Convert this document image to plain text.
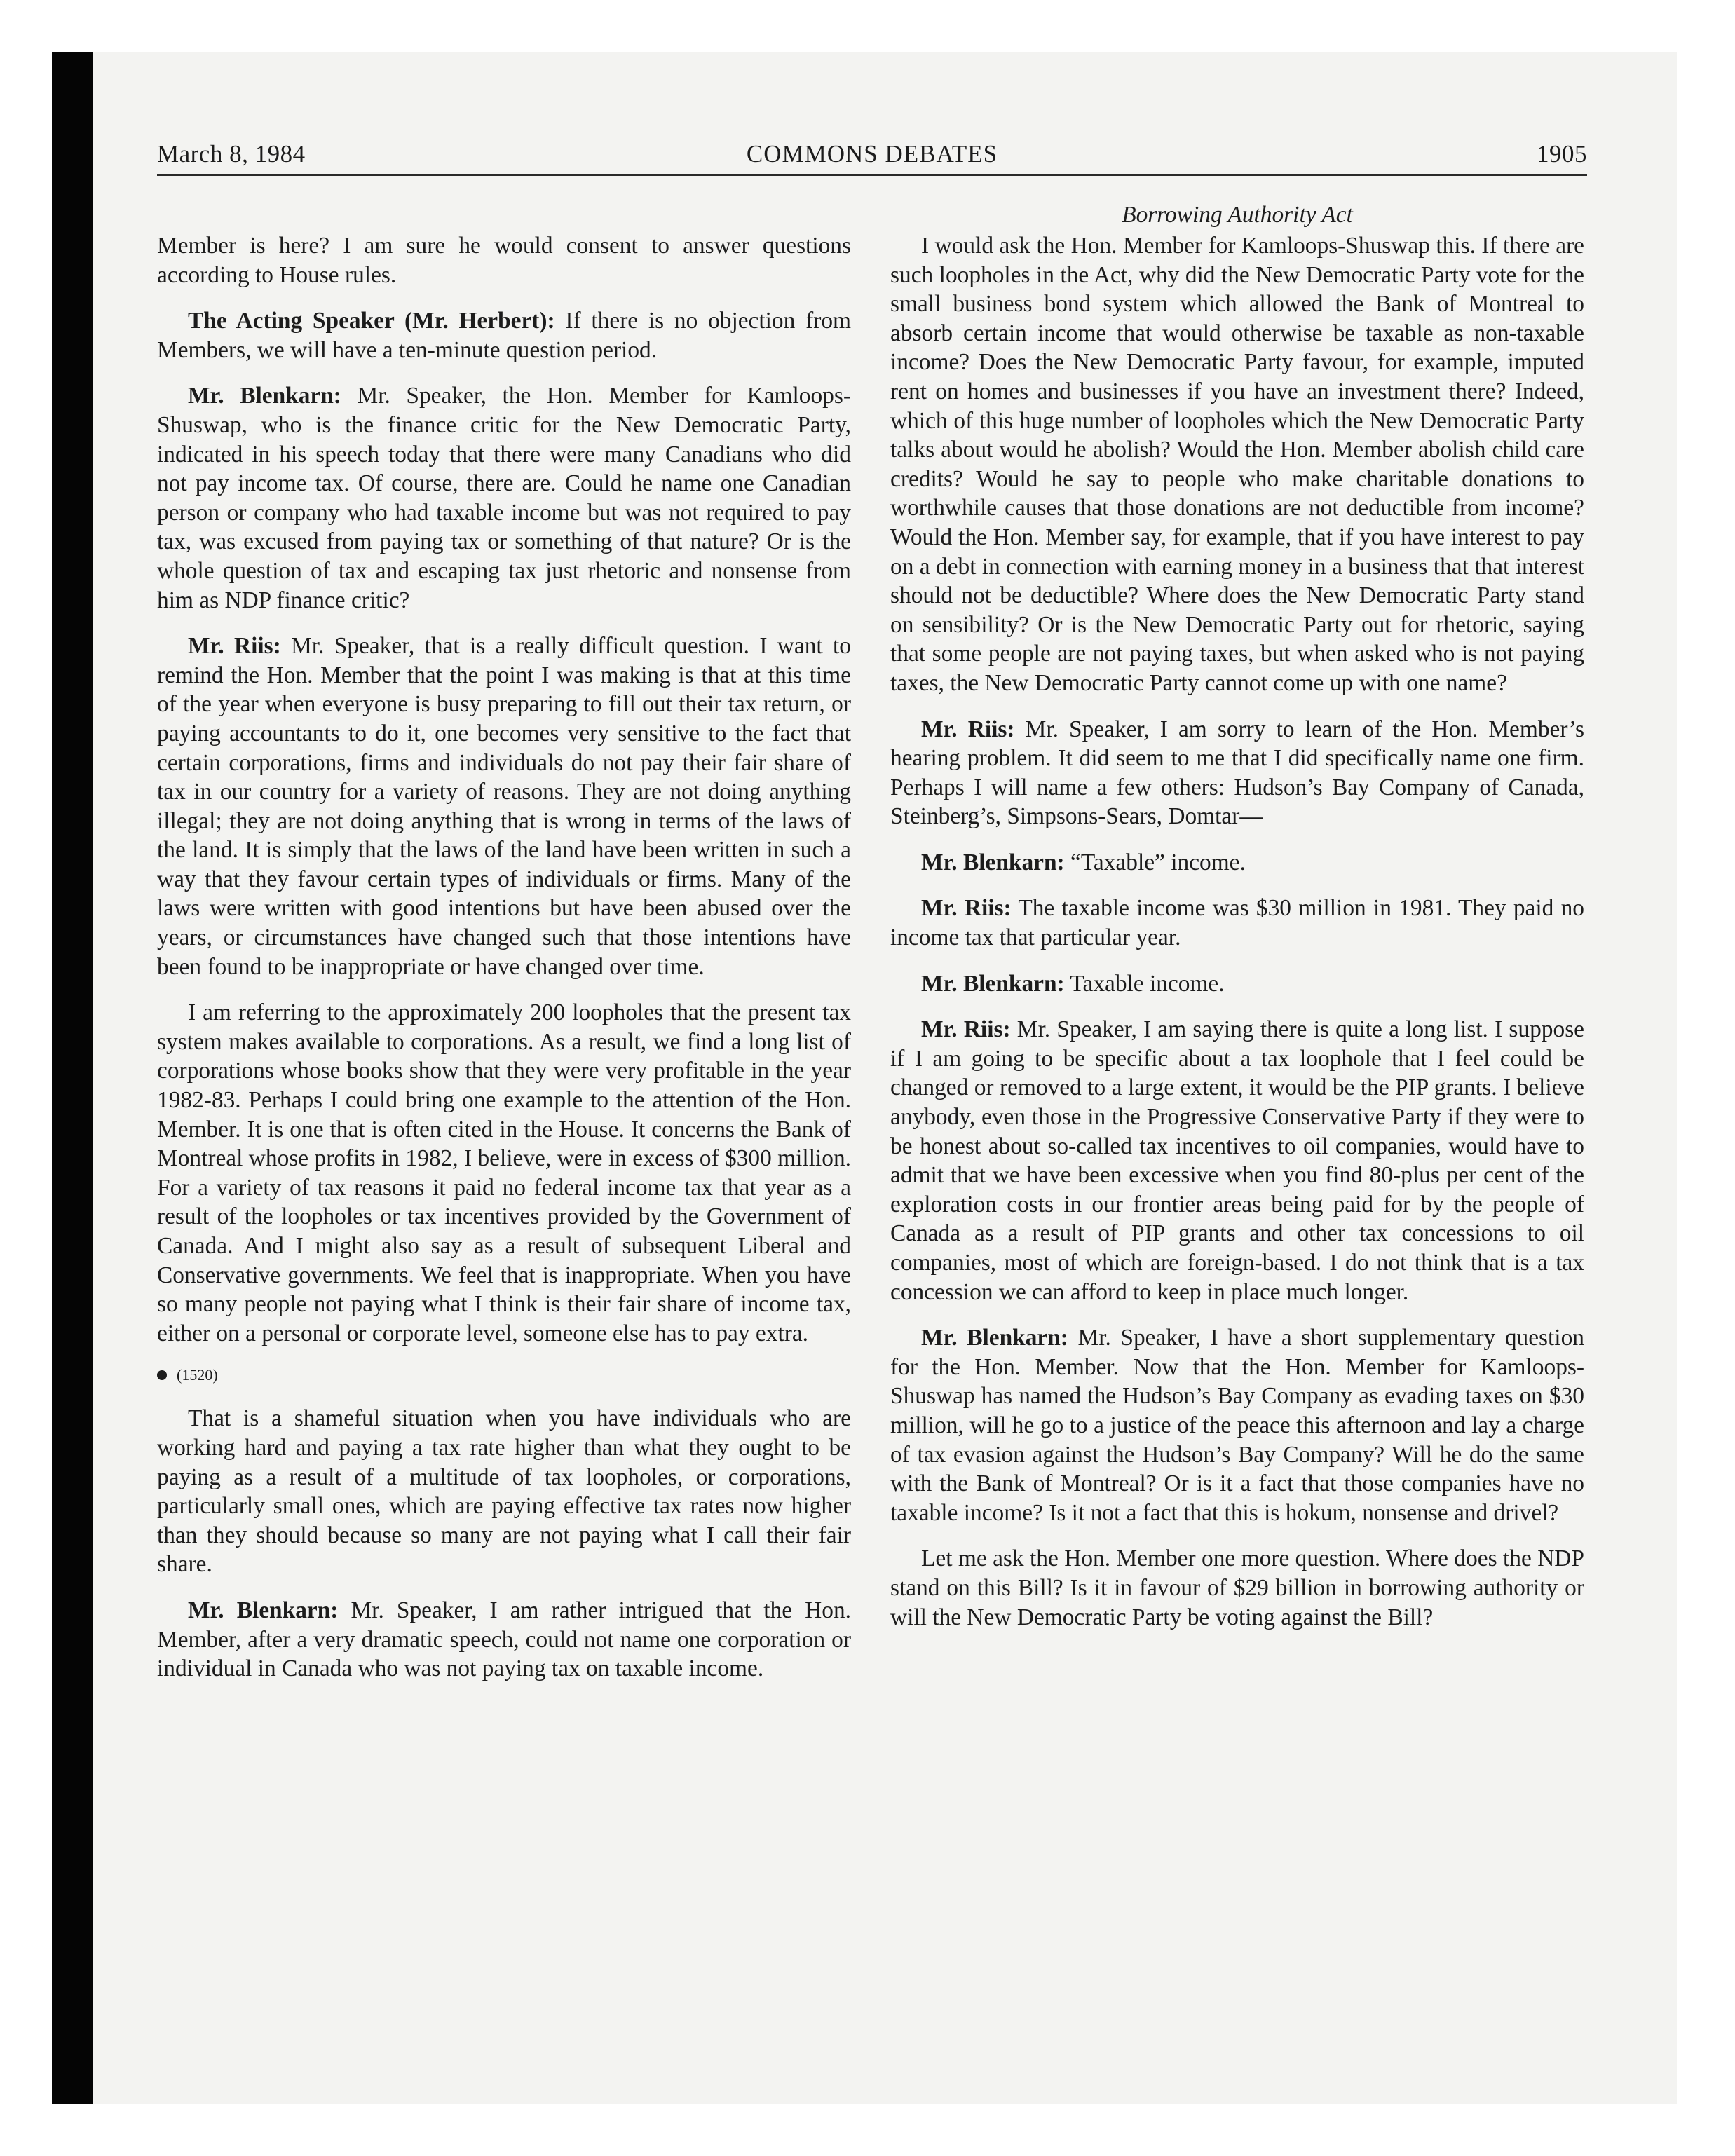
March 8, 1984	COMMONS DEBATES	1905

Member is here? I am sure he would consent to answer questions according to House rules.

The Acting Speaker (Mr. Herbert): If there is no objection from Members, we will have a ten-minute question period.

Mr. Blenkarn: Mr. Speaker, the Hon. Member for Kamloops-Shuswap, who is the finance critic for the New Democratic Party, indicated in his speech today that there were many Canadians who did not pay income tax. Of course, there are. Could he name one Canadian person or company who had taxable income but was not required to pay tax, was excused from paying tax or something of that nature? Or is the whole question of tax and escaping tax just rhetoric and nonsense from him as NDP finance critic?

Mr. Riis: Mr. Speaker, that is a really difficult question. I want to remind the Hon. Member that the point I was making is that at this time of the year when everyone is busy preparing to fill out their tax return, or paying accountants to do it, one becomes very sensitive to the fact that certain corporations, firms and individuals do not pay their fair share of tax in our country for a variety of reasons. They are not doing anything illegal; they are not doing anything that is wrong in terms of the laws of the land. It is simply that the laws of the land have been written in such a way that they favour certain types of individuals or firms. Many of the laws were written with good intentions but have been abused over the years, or circumstances have changed such that those intentions have been found to be inappropriate or have changed over time.

I am referring to the approximately 200 loopholes that the present tax system makes available to corporations. As a result, we find a long list of corporations whose books show that they were very profitable in the year 1982-83. Perhaps I could bring one example to the attention of the Hon. Member. It is one that is often cited in the House. It concerns the Bank of Montreal whose profits in 1982, I believe, were in excess of $300 million. For a variety of tax reasons it paid no federal income tax that year as a result of the loopholes or tax incentives provided by the Government of Canada. And I might also say as a result of subsequent Liberal and Conservative governments. We feel that is inappropriate. When you have so many people not paying what I think is their fair share of income tax, either on a personal or corporate level, someone else has to pay extra.

(1520)

That is a shameful situation when you have individuals who are working hard and paying a tax rate higher than what they ought to be paying as a result of a multitude of tax loopholes, or corporations, particularly small ones, which are paying effective tax rates now higher than they should because so many are not paying what I call their fair share.

Mr. Blenkarn: Mr. Speaker, I am rather intrigued that the Hon. Member, after a very dramatic speech, could not name one corporation or individual in Canada who was not paying tax on taxable income.

Borrowing Authority Act

I would ask the Hon. Member for Kamloops-Shuswap this. If there are such loopholes in the Act, why did the New Democratic Party vote for the small business bond system which allowed the Bank of Montreal to absorb certain income that would otherwise be taxable as non-taxable income? Does the New Democratic Party favour, for example, imputed rent on homes and businesses if you have an investment there? Indeed, which of this huge number of loopholes which the New Democratic Party talks about would he abolish? Would the Hon. Member abolish child care credits? Would he say to people who make charitable donations to worthwhile causes that those donations are not deductible from income? Would the Hon. Member say, for example, that if you have interest to pay on a debt in connection with earning money in a business that that interest should not be deductible? Where does the New Democratic Party stand on sensibility? Or is the New Democratic Party out for rhetoric, saying that some people are not paying taxes, but when asked who is not paying taxes, the New Democratic Party cannot come up with one name?

Mr. Riis: Mr. Speaker, I am sorry to learn of the Hon. Member’s hearing problem. It did seem to me that I did specifically name one firm. Perhaps I will name a few others: Hudson’s Bay Company of Canada, Steinberg’s, Simpsons-Sears, Domtar—

Mr. Blenkarn: “Taxable” income.

Mr. Riis: The taxable income was $30 million in 1981. They paid no income tax that particular year.

Mr. Blenkarn: Taxable income.

Mr. Riis: Mr. Speaker, I am saying there is quite a long list. I suppose if I am going to be specific about a tax loophole that I feel could be changed or removed to a large extent, it would be the PIP grants. I believe anybody, even those in the Progressive Conservative Party if they were to be honest about so-called tax incentives to oil companies, would have to admit that we have been excessive when you find 80-plus per cent of the exploration costs in our frontier areas being paid for by the people of Canada as a result of PIP grants and other tax concessions to oil companies, most of which are foreign-based. I do not think that is a tax concession we can afford to keep in place much longer.

Mr. Blenkarn: Mr. Speaker, I have a short supplementary question for the Hon. Member. Now that the Hon. Member for Kamloops-Shuswap has named the Hudson’s Bay Company as evading taxes on $30 million, will he go to a justice of the peace this afternoon and lay a charge of tax evasion against the Hudson’s Bay Company? Will he do the same with the Bank of Montreal? Or is it a fact that those companies have no taxable income? Is it not a fact that this is hokum, nonsense and drivel?

Let me ask the Hon. Member one more question. Where does the NDP stand on this Bill? Is it in favour of $29 billion in borrowing authority or will the New Democratic Party be voting against the Bill?
